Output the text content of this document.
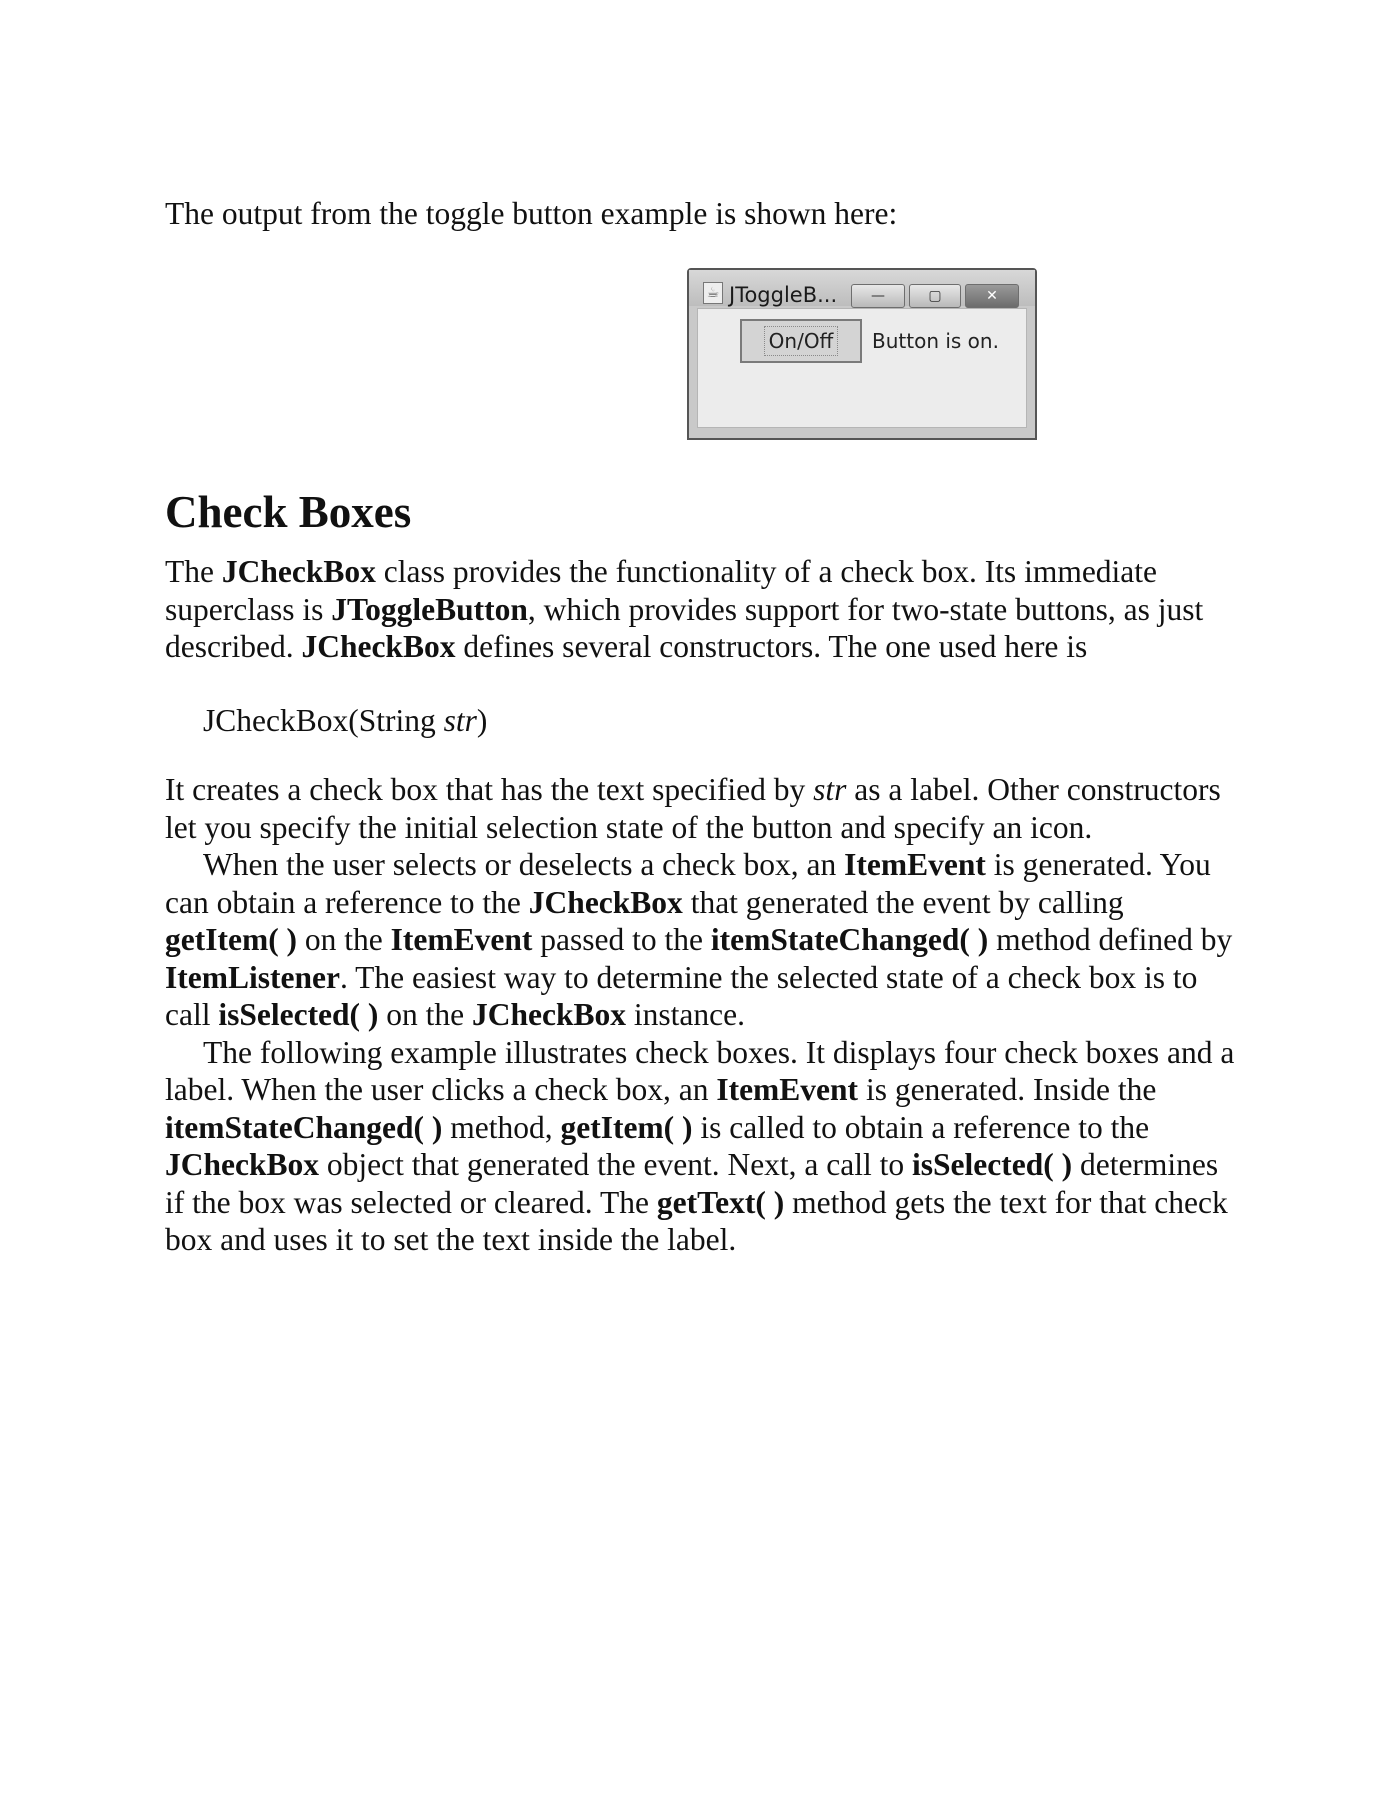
The output from the toggle button example is shown here:

☕ JToggleB...	—	▢	✕
On/Off	Button is on.
Check Boxes

The JCheckBox class provides the functionality of a check box. Its immediate superclass is JToggleButton, which provides support for two-state buttons, as just described. JCheckBox defines several constructors. The one used here is

JCheckBox(String str)

It creates a check box that has the text specified by str as a label. Other constructors let you specify the initial selection state of the button and specify an icon.

When the user selects or deselects a check box, an ItemEvent is generated. You can obtain a reference to the JCheckBox that generated the event by calling getItem( ) on the ItemEvent passed to the itemStateChanged( ) method defined by ItemListener. The easiest way to determine the selected state of a check box is to call isSelected( ) on the JCheckBox instance.

The following example illustrates check boxes. It displays four check boxes and a label. When the user clicks a check box, an ItemEvent is generated. Inside the itemStateChanged( ) method, getItem( ) is called to obtain a reference to the JCheckBox object that generated the event. Next, a call to isSelected( ) determines if the box was selected or cleared. The getText( ) method gets the text for that check box and uses it to set the text inside the label.
